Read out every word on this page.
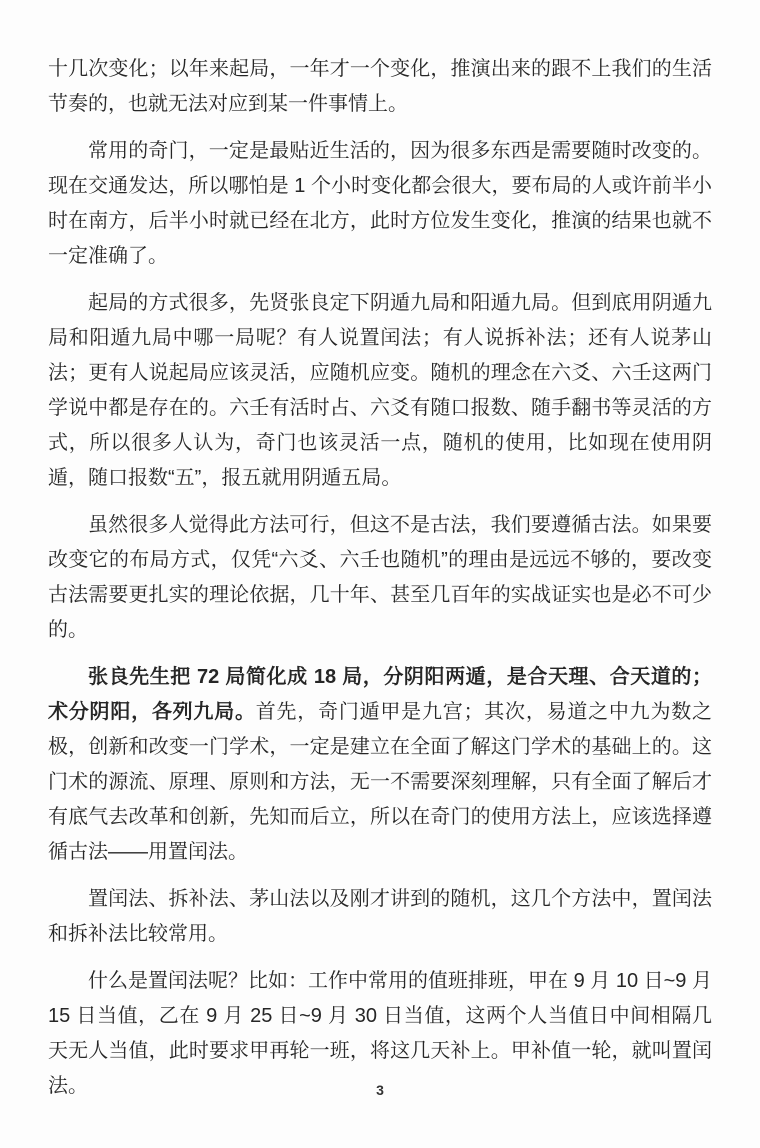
十几次变化；以年来起局，一年才一个变化，推演出来的跟不上我们的生活节奏的，也就无法对应到某一件事情上。

常用的奇门，一定是最贴近生活的，因为很多东西是需要随时改变的。现在交通发达，所以哪怕是 1 个小时变化都会很大，要布局的人或许前半小时在南方，后半小时就已经在北方，此时方位发生变化，推演的结果也就不一定准确了。

起局的方式很多，先贤张良定下阴遁九局和阳遁九局。但到底用阴遁九局和阳遁九局中哪一局呢？有人说置闰法；有人说拆补法；还有人说茅山法；更有人说起局应该灵活，应随机应变。随机的理念在六爻、六壬这两门学说中都是存在的。六壬有活时占、六爻有随口报数、随手翻书等灵活的方式，所以很多人认为，奇门也该灵活一点，随机的使用，比如现在使用阴遁，随口报数“五”，报五就用阴遁五局。

虽然很多人觉得此方法可行，但这不是古法，我们要遵循古法。如果要改变它的布局方式，仅凭“六爻、六壬也随机”的理由是远远不够的，要改变古法需要更扎实的理论依据，几十年、甚至几百年的实战证实也是必不可少的。

张良先生把 72 局简化成 18 局，分阴阳两遁，是合天理、合天道的；术分阴阳，各列九局。首先，奇门遁甲是九宫；其次，易道之中九为数之极，创新和改变一门学术，一定是建立在全面了解这门学术的基础上的。这门术的源流、原理、原则和方法，无一不需要深刻理解，只有全面了解后才有底气去改革和创新，先知而后立，所以在奇门的使用方法上，应该选择遵循古法——用置闰法。

置闰法、拆补法、茅山法以及刚才讲到的随机，这几个方法中，置闰法和拆补法比较常用。

什么是置闰法呢？比如：工作中常用的值班排班，甲在 9 月 10 日~9 月 15 日当值，乙在 9 月 25 日~9 月 30 日当值，这两个人当值日中间相隔几天无人当值，此时要求甲再轮一班，将这几天补上。甲补值一轮，就叫置闰法。	3
